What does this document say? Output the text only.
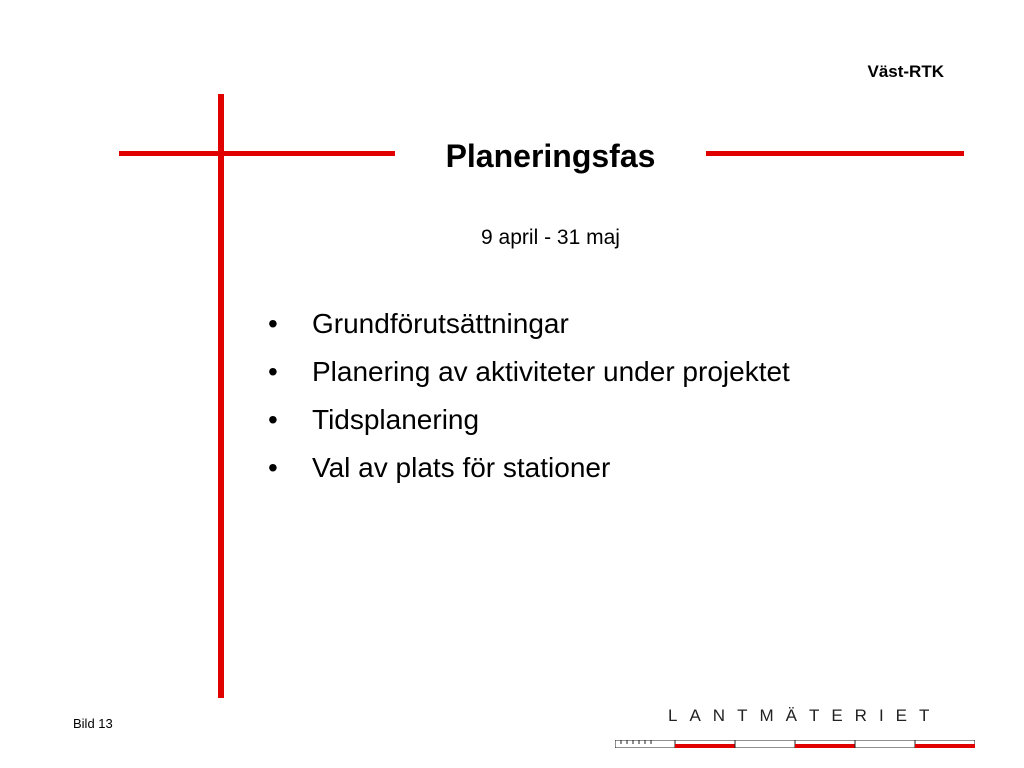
Väst-RTK
Planeringsfas
9 april - 31 maj
•	Grundförutsättningar
•	Planering av aktiviteter under projektet
•	Tidsplanering
•	Val av plats för stationer
Bild 13	LANTMÄTERIET
